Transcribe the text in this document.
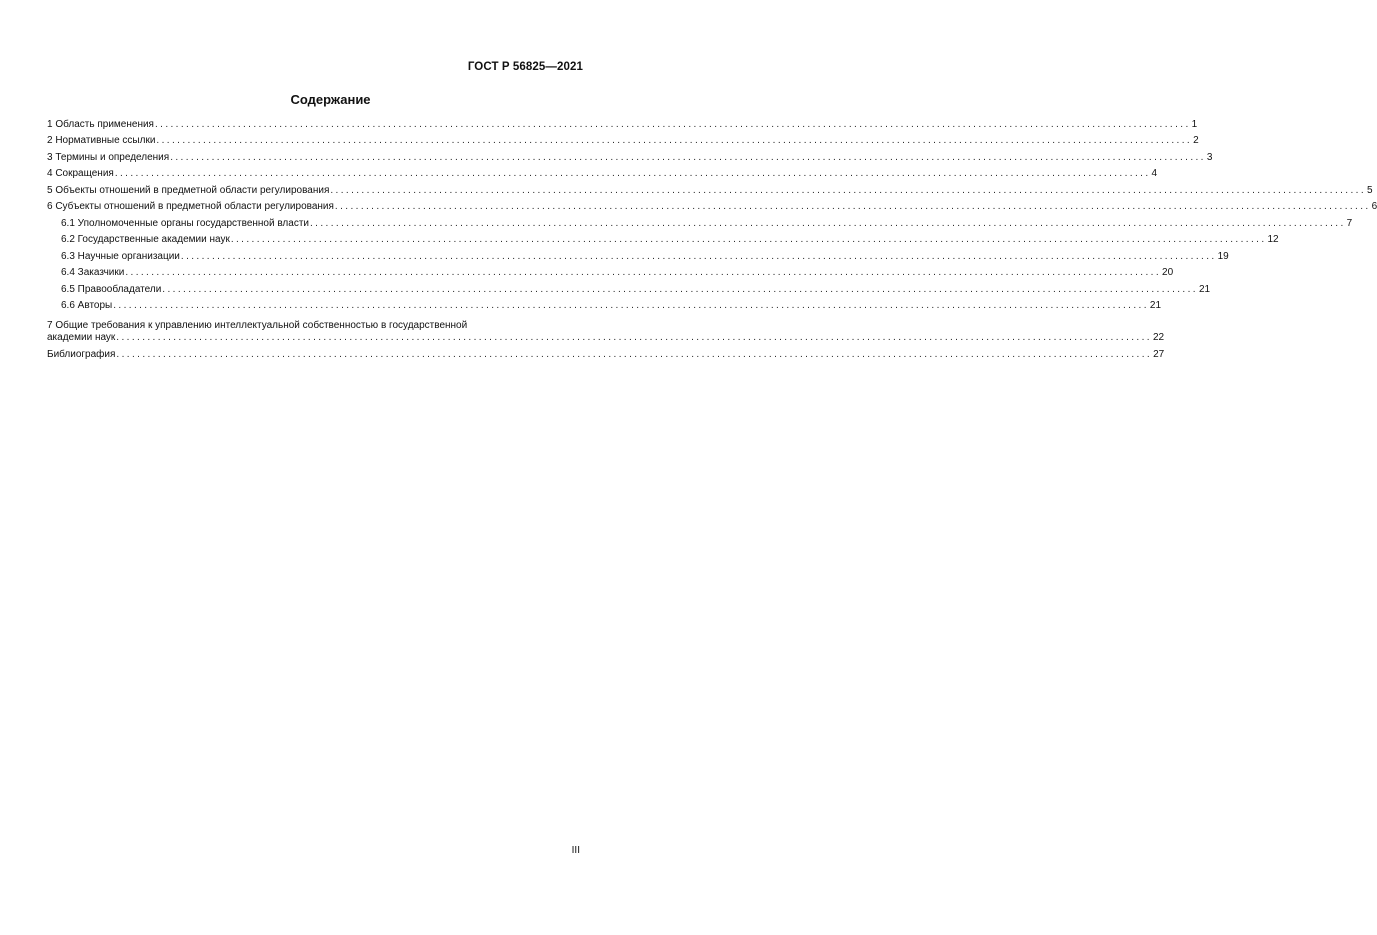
ГОСТ Р 56825—2021
Содержание
1 Область применения ........................................................................................................................................................................................................ 1
2 Нормативные ссылки ........................................................................................................................................................................................................ 2
3 Термины и определения ........................................................................................................................................................................................................ 3
4 Сокращения ........................................................................................................................................................................................................ 4
5 Объекты отношений в предметной области регулирования ........................................................................................................................................................................................................ 5
6 Субъекты отношений в предметной области регулирования ........................................................................................................................................................................................................ 6
6.1 Уполномоченные органы государственной власти ........................................................................................................................................................................................................ 7
6.2 Государственные академии наук ........................................................................................................................................................................................................ 12
6.3 Научные организации ........................................................................................................................................................................................................ 19
6.4 Заказчики ........................................................................................................................................................................................................ 20
6.5 Правообладатели ........................................................................................................................................................................................................ 21
6.6 Авторы ........................................................................................................................................................................................................ 21
7 Общие требования к управлению интеллектуальной собственностью в государственной
академии наук ........................................................................................................................................................................................................ 22
Библиография ........................................................................................................................................................................................................ 27
III
